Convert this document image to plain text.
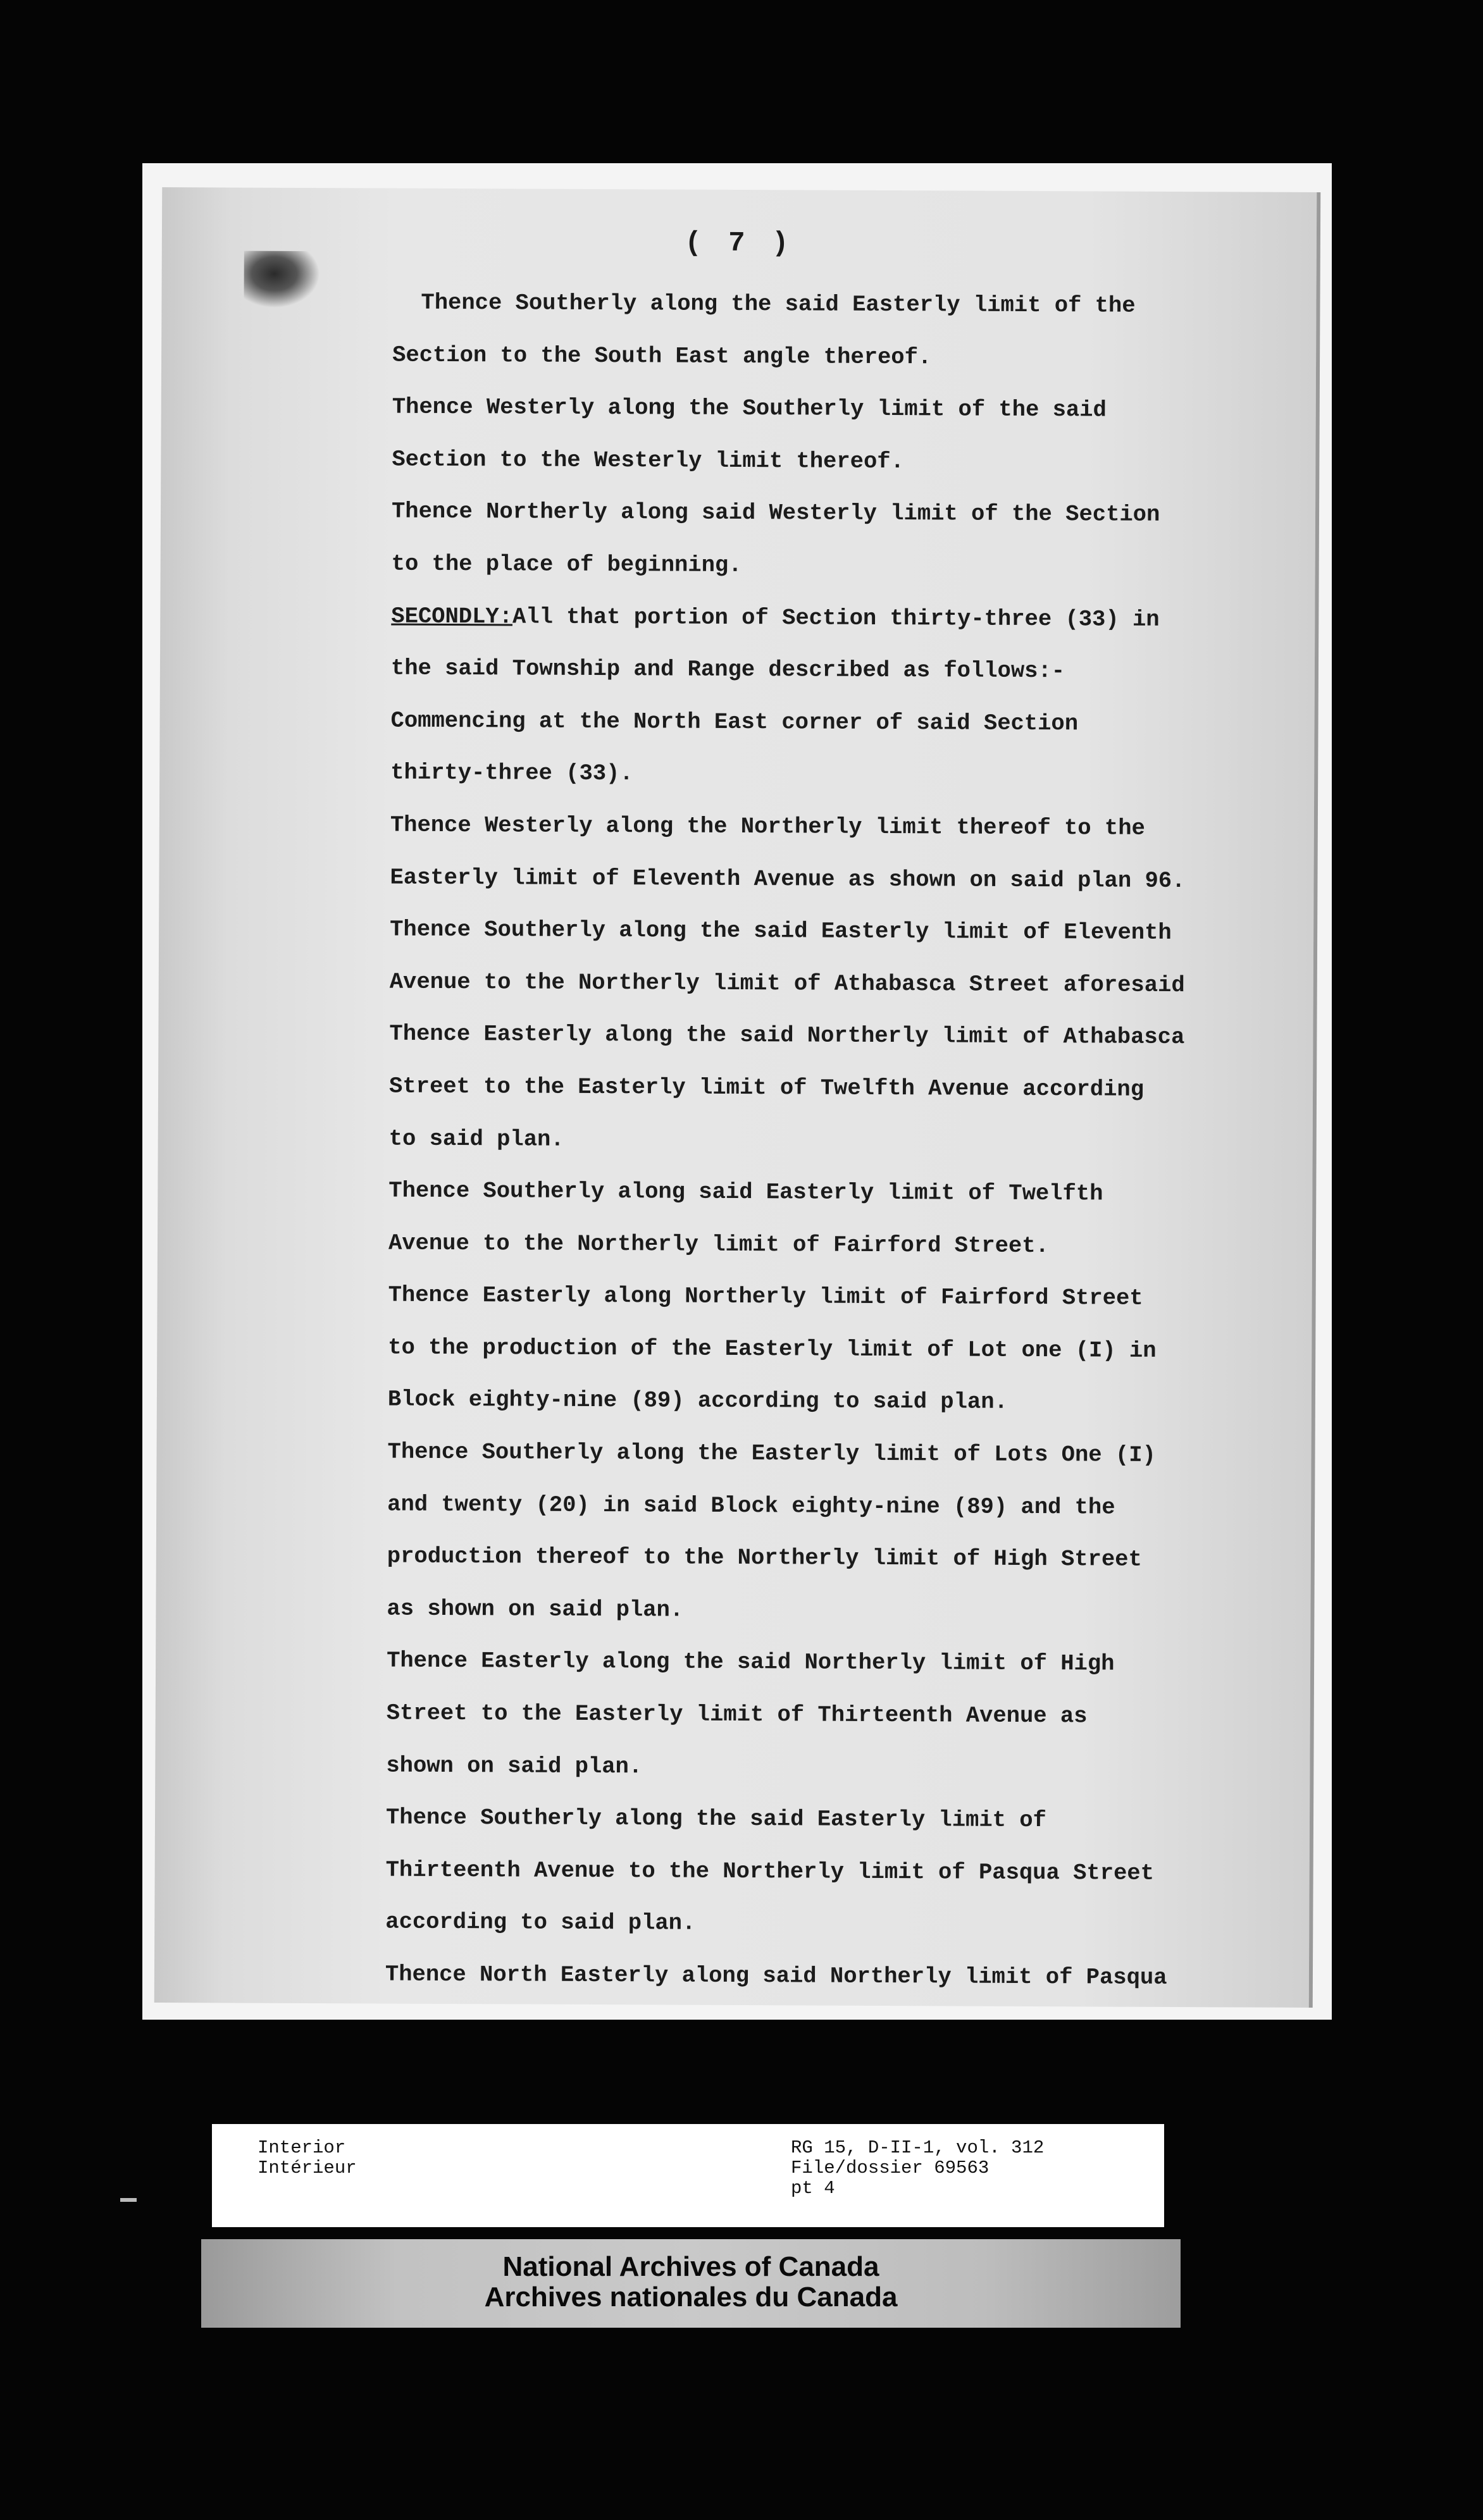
( 7 )
Thence Southerly along the said Easterly limit of the
Section to the South East angle thereof.
Thence Westerly along the Southerly limit of the said
Section to the Westerly limit thereof.
Thence Northerly along said Westerly limit of the Section
to the place of beginning.
SECONDLY:All that portion of Section thirty-three (33) in
the said Township and Range described as follows:-
Commencing at the North East corner of said Section
thirty-three (33).
Thence Westerly along the Northerly limit thereof to the
Easterly limit of Eleventh Avenue as shown on said plan 96.
Thence Southerly along the said Easterly limit of Eleventh
Avenue to the Northerly limit of Athabasca Street aforesaid
Thence Easterly along the said Northerly limit of Athabasca
Street to the Easterly limit of Twelfth Avenue according
to said plan.
Thence Southerly along said Easterly limit of Twelfth
Avenue to the Northerly limit of Fairford Street.
Thence Easterly along Northerly limit of Fairford Street
to the production of the Easterly limit of Lot one (I) in
Block eighty-nine (89) according to said plan.
Thence Southerly along the Easterly limit of Lots One (I)
and twenty (20) in said Block eighty-nine (89) and the
production thereof to the Northerly limit of High Street
as shown on said plan.
Thence Easterly along the said Northerly limit of High
Street to the Easterly limit of Thirteenth Avenue as
shown on said plan.
Thence Southerly along the said Easterly limit of
Thirteenth Avenue to the Northerly limit of Pasqua Street
according to said plan.
Thence North Easterly along said Northerly limit of Pasqua
Interior
Intérieur
RG 15, D-II-1, vol. 312
File/dossier 69563
pt 4
National Archives of Canada
Archives nationales du Canada
